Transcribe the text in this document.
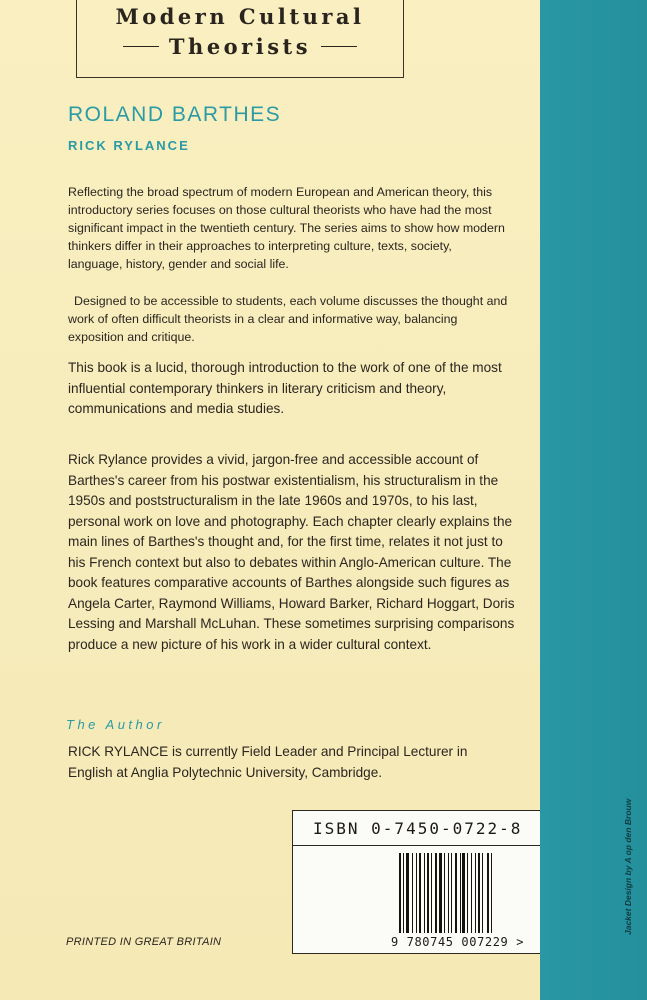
Modern Cultural
Theorists
ROLAND BARTHES
RICK RYLANCE

Reflecting the broad spectrum of modern European and American theory, this introductory series focuses on those cultural theorists who have had the most significant impact in the twentieth century. The series aims to show how modern thinkers differ in their approaches to interpreting culture, texts, society, language, history, gender and social life.

Designed to be accessible to students, each volume discusses the thought and work of often difficult theorists in a clear and informative way, balancing exposition and critique.

This book is a lucid, thorough introduction to the work of one of the most influential contemporary thinkers in literary criticism and theory, communications and media studies.

Rick Rylance provides a vivid, jargon-free and accessible account of Barthes's career from his postwar existentialism, his structuralism in the 1950s and poststructuralism in the late 1960s and 1970s, to his last, personal work on love and photography. Each chapter clearly explains the main lines of Barthes's thought and, for the first time, relates it not just to his French context but also to debates within Anglo-American culture. The book features comparative accounts of Barthes alongside such figures as Angela Carter, Raymond Williams, Howard Barker, Richard Hoggart, Doris Lessing and Marshall McLuhan. These sometimes surprising comparisons produce a new picture of his work in a wider cultural context.

The Author

RICK RYLANCE is currently Field Leader and Principal Lecturer in English at Anglia Polytechnic University, Cambridge.

ISBN 0-7450-0722-8
9 780745 007229 >
PRINTED IN GREAT BRITAIN
Jacket Design by A op den Brouw
